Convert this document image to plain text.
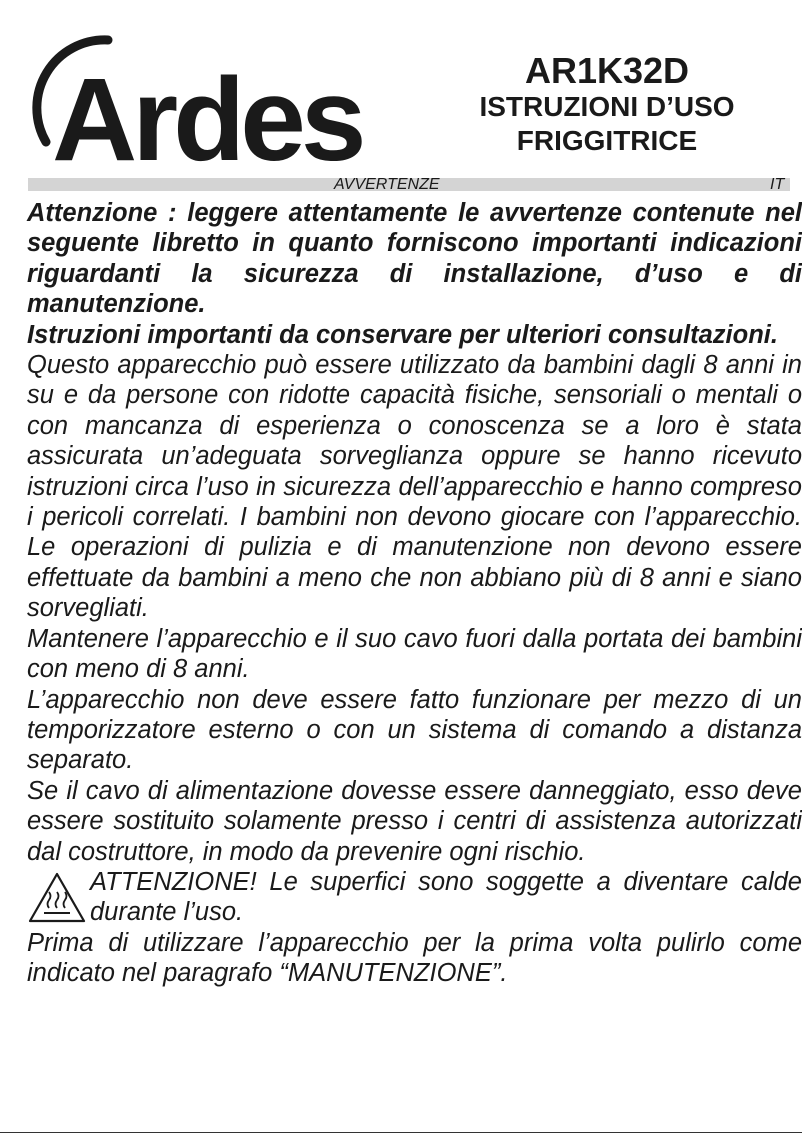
Ardes	AR1K32D
ISTRUZIONI D’USO
FRIGGITRICE
AVVERTENZE	IT

Attenzione : leggere attentamente le avvertenze contenute nel seguente libretto in quanto forniscono importanti indicazioni riguardanti la sicurezza di installazione, d’uso e di manutenzione.

Istruzioni importanti da conservare per ulteriori consultazioni.

Questo apparecchio può essere utilizzato da bambini dagli 8 anni in su e da persone con ridotte capacità fisiche, sensoriali o mentali o con mancanza di esperienza o conoscenza se a loro è stata assicurata un’adeguata sorveglianza oppure se hanno ricevuto istruzioni circa l’uso in sicurezza dell’apparecchio e hanno compreso i pericoli correlati. I bambini non devono giocare con l’apparecchio. Le operazioni di pulizia e di manutenzione non devono essere effettuate da bambini a meno che non abbiano più di 8 anni e siano sorvegliati.

Mantenere l’apparecchio e il suo cavo fuori dalla portata dei bambini con meno di 8 anni.

L’apparecchio non deve essere fatto funzionare per mezzo di un temporizzatore esterno o con un sistema di comando a distanza separato.

Se il cavo di alimentazione dovesse essere danneggiato, esso deve essere sostituito solamente presso i centri di assistenza autorizzati dal costruttore, in modo da prevenire ogni rischio.

ATTENZIONE! Le superfici sono soggette a diventare calde durante l’uso.

Prima di utilizzare l’apparecchio per la prima volta pulirlo come indicato nel paragrafo “MANUTENZIONE”.
